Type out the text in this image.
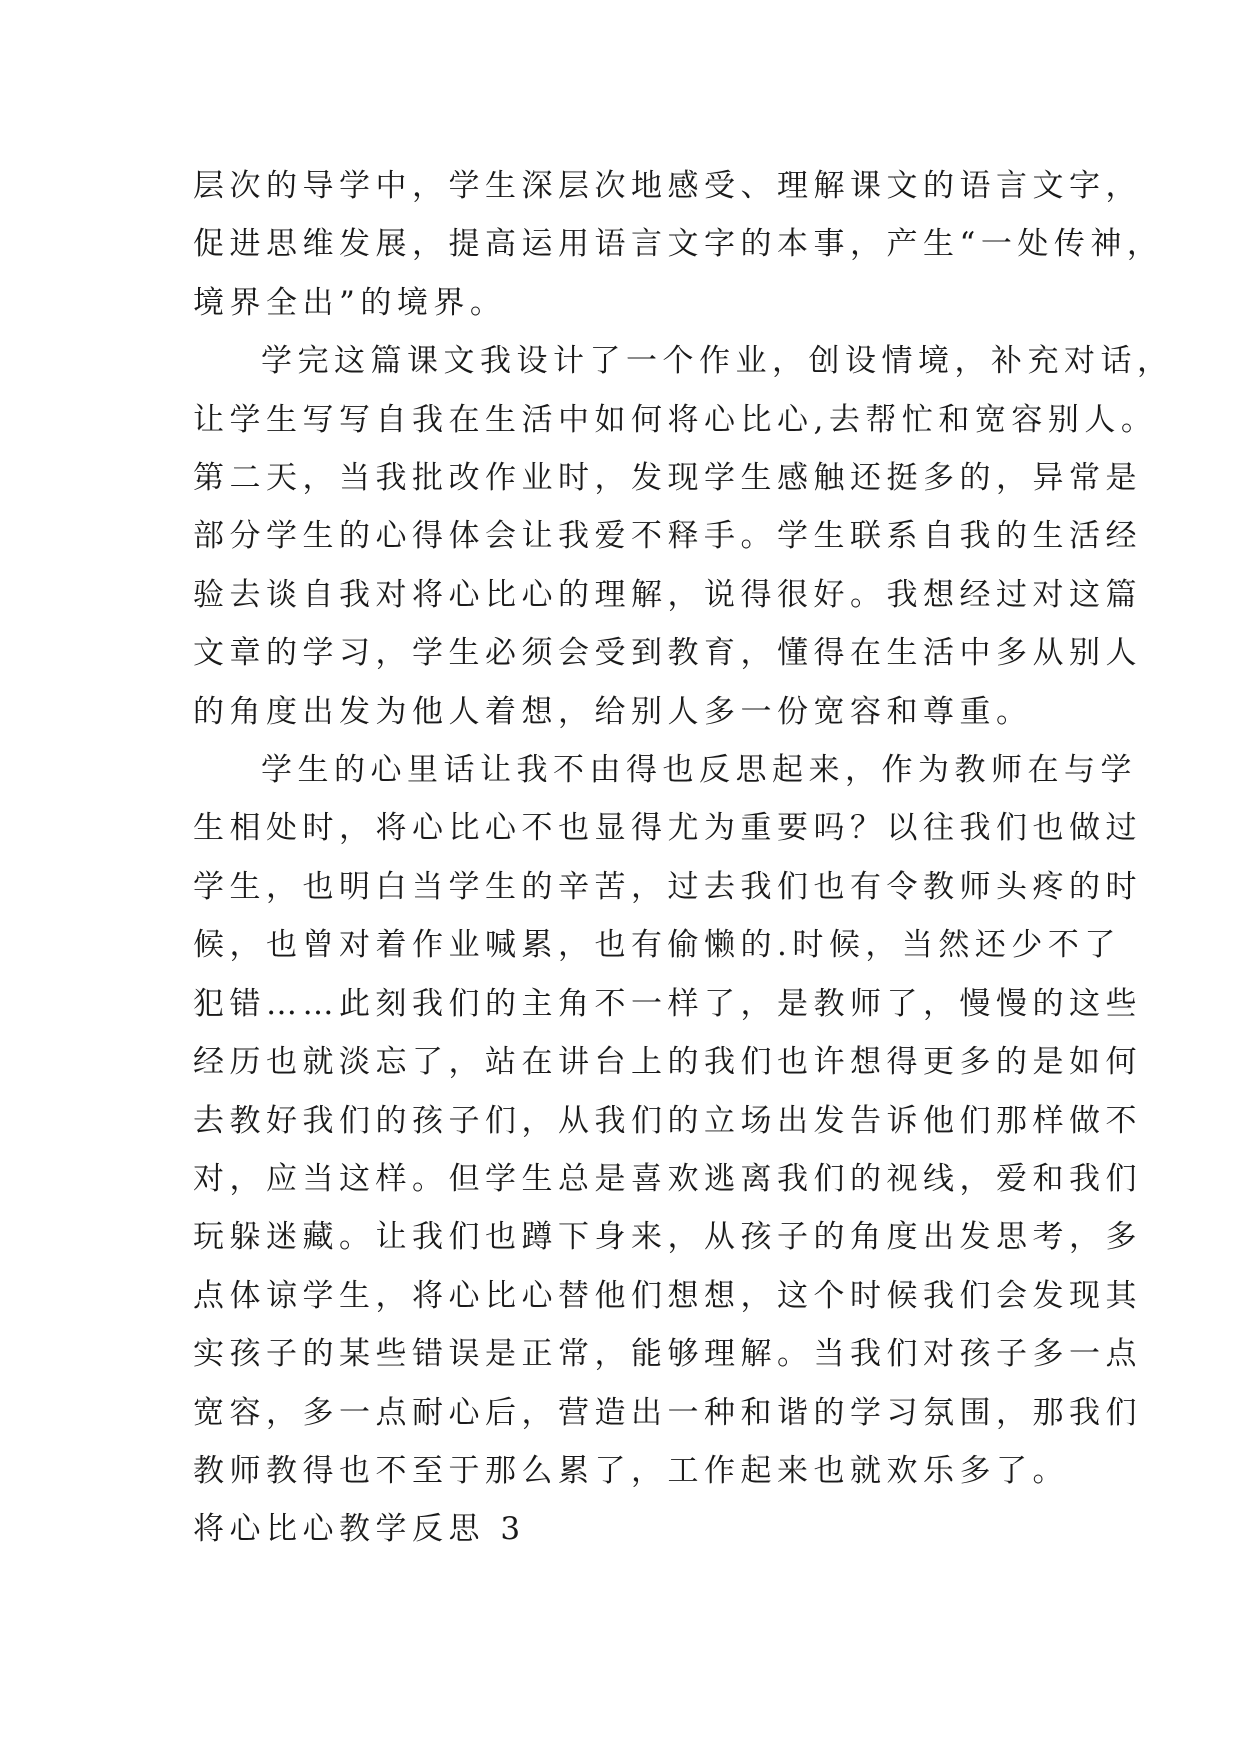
层次的导学中，学生深层次地感受、理解课文的语言文字，
促进思维发展，提高运用语言文字的本事，产生“一处传神，
境界全出”的境界。

学完这篇课文我设计了一个作业，创设情境，补充对话，
让学生写写自我在生活中如何将心比心,去帮忙和宽容别人。
第二天，当我批改作业时，发现学生感触还挺多的，异常是
部分学生的心得体会让我爱不释手。学生联系自我的生活经
验去谈自我对将心比心的理解，说得很好。我想经过对这篇
文章的学习，学生必须会受到教育，懂得在生活中多从别人
的角度出发为他人着想，给别人多一份宽容和尊重。

学生的心里话让我不由得也反思起来，作为教师在与学
生相处时，将心比心不也显得尤为重要吗？以往我们也做过
学生，也明白当学生的辛苦，过去我们也有令教师头疼的时
候，也曾对着作业喊累，也有偷懒的.时候，当然还少不了
犯错……此刻我们的主角不一样了，是教师了，慢慢的这些
经历也就淡忘了，站在讲台上的我们也许想得更多的是如何
去教好我们的孩子们，从我们的立场出发告诉他们那样做不
对，应当这样。但学生总是喜欢逃离我们的视线，爱和我们
玩躲迷藏。让我们也蹲下身来，从孩子的角度出发思考，多
点体谅学生，将心比心替他们想想，这个时候我们会发现其
实孩子的某些错误是正常，能够理解。当我们对孩子多一点
宽容，多一点耐心后，营造出一种和谐的学习氛围，那我们
教师教得也不至于那么累了，工作起来也就欢乐多了。

将心比心教学反思 3
